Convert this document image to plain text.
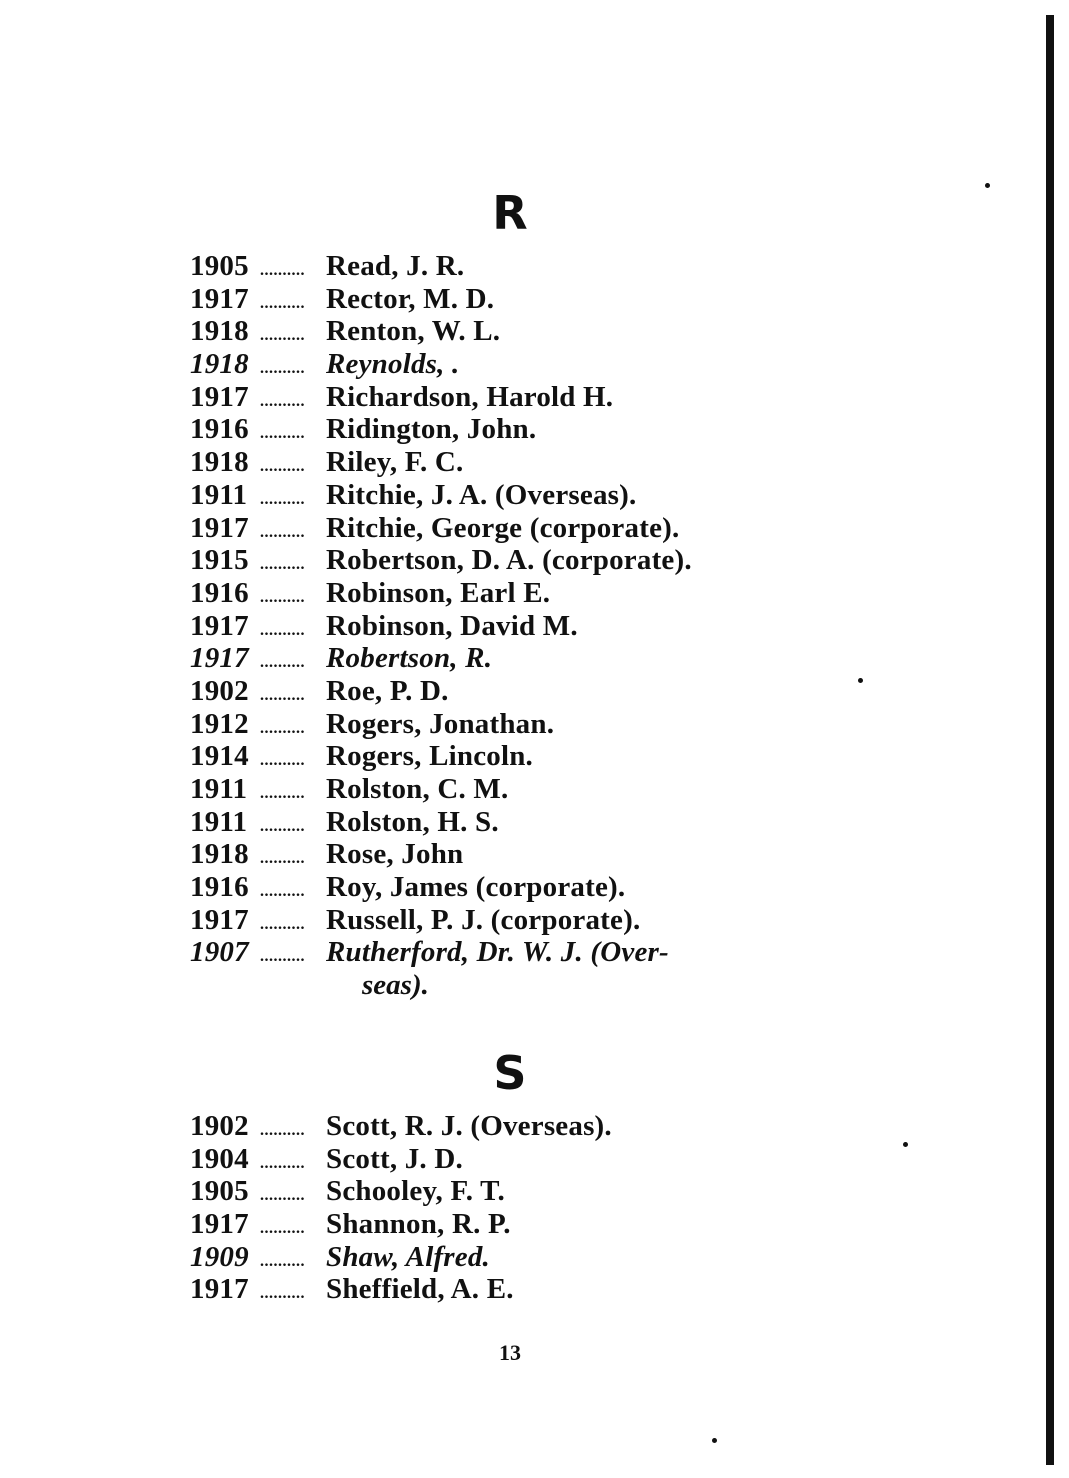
R
1905 .......... Read, J. R.
1917 .......... Rector, M. D.
1918 .......... Renton, W. L.
1918 .......... Reynolds, .
1917 .......... Richardson, Harold H.
1916 .......... Ridington, John.
1918 .......... Riley, F. C.
1911 .......... Ritchie, J. A. (Overseas).
1917 .......... Ritchie, George (corporate).
1915 .......... Robertson, D. A. (corporate).
1916 .......... Robinson, Earl E.
1917 .......... Robinson, David M.
1917 .......... Robertson, R.
1902 .......... Roe, P. D.
1912 .......... Rogers, Jonathan.
1914 .......... Rogers, Lincoln.
1911 .......... Rolston, C. M.
1911 .......... Rolston, H. S.
1918 .......... Rose, John
1916 .......... Roy, James (corporate).
1917 .......... Russell, P. J. (corporate).
1907 .......... Rutherford, Dr. W. J. (Over-
seas).
S
1902 .......... Scott, R. J. (Overseas).
1904 .......... Scott, J. D.
1905 .......... Schooley, F. T.
1917 .......... Shannon, R. P.
1909 .......... Shaw, Alfred.
1917 .......... Sheffield, A. E.
13
